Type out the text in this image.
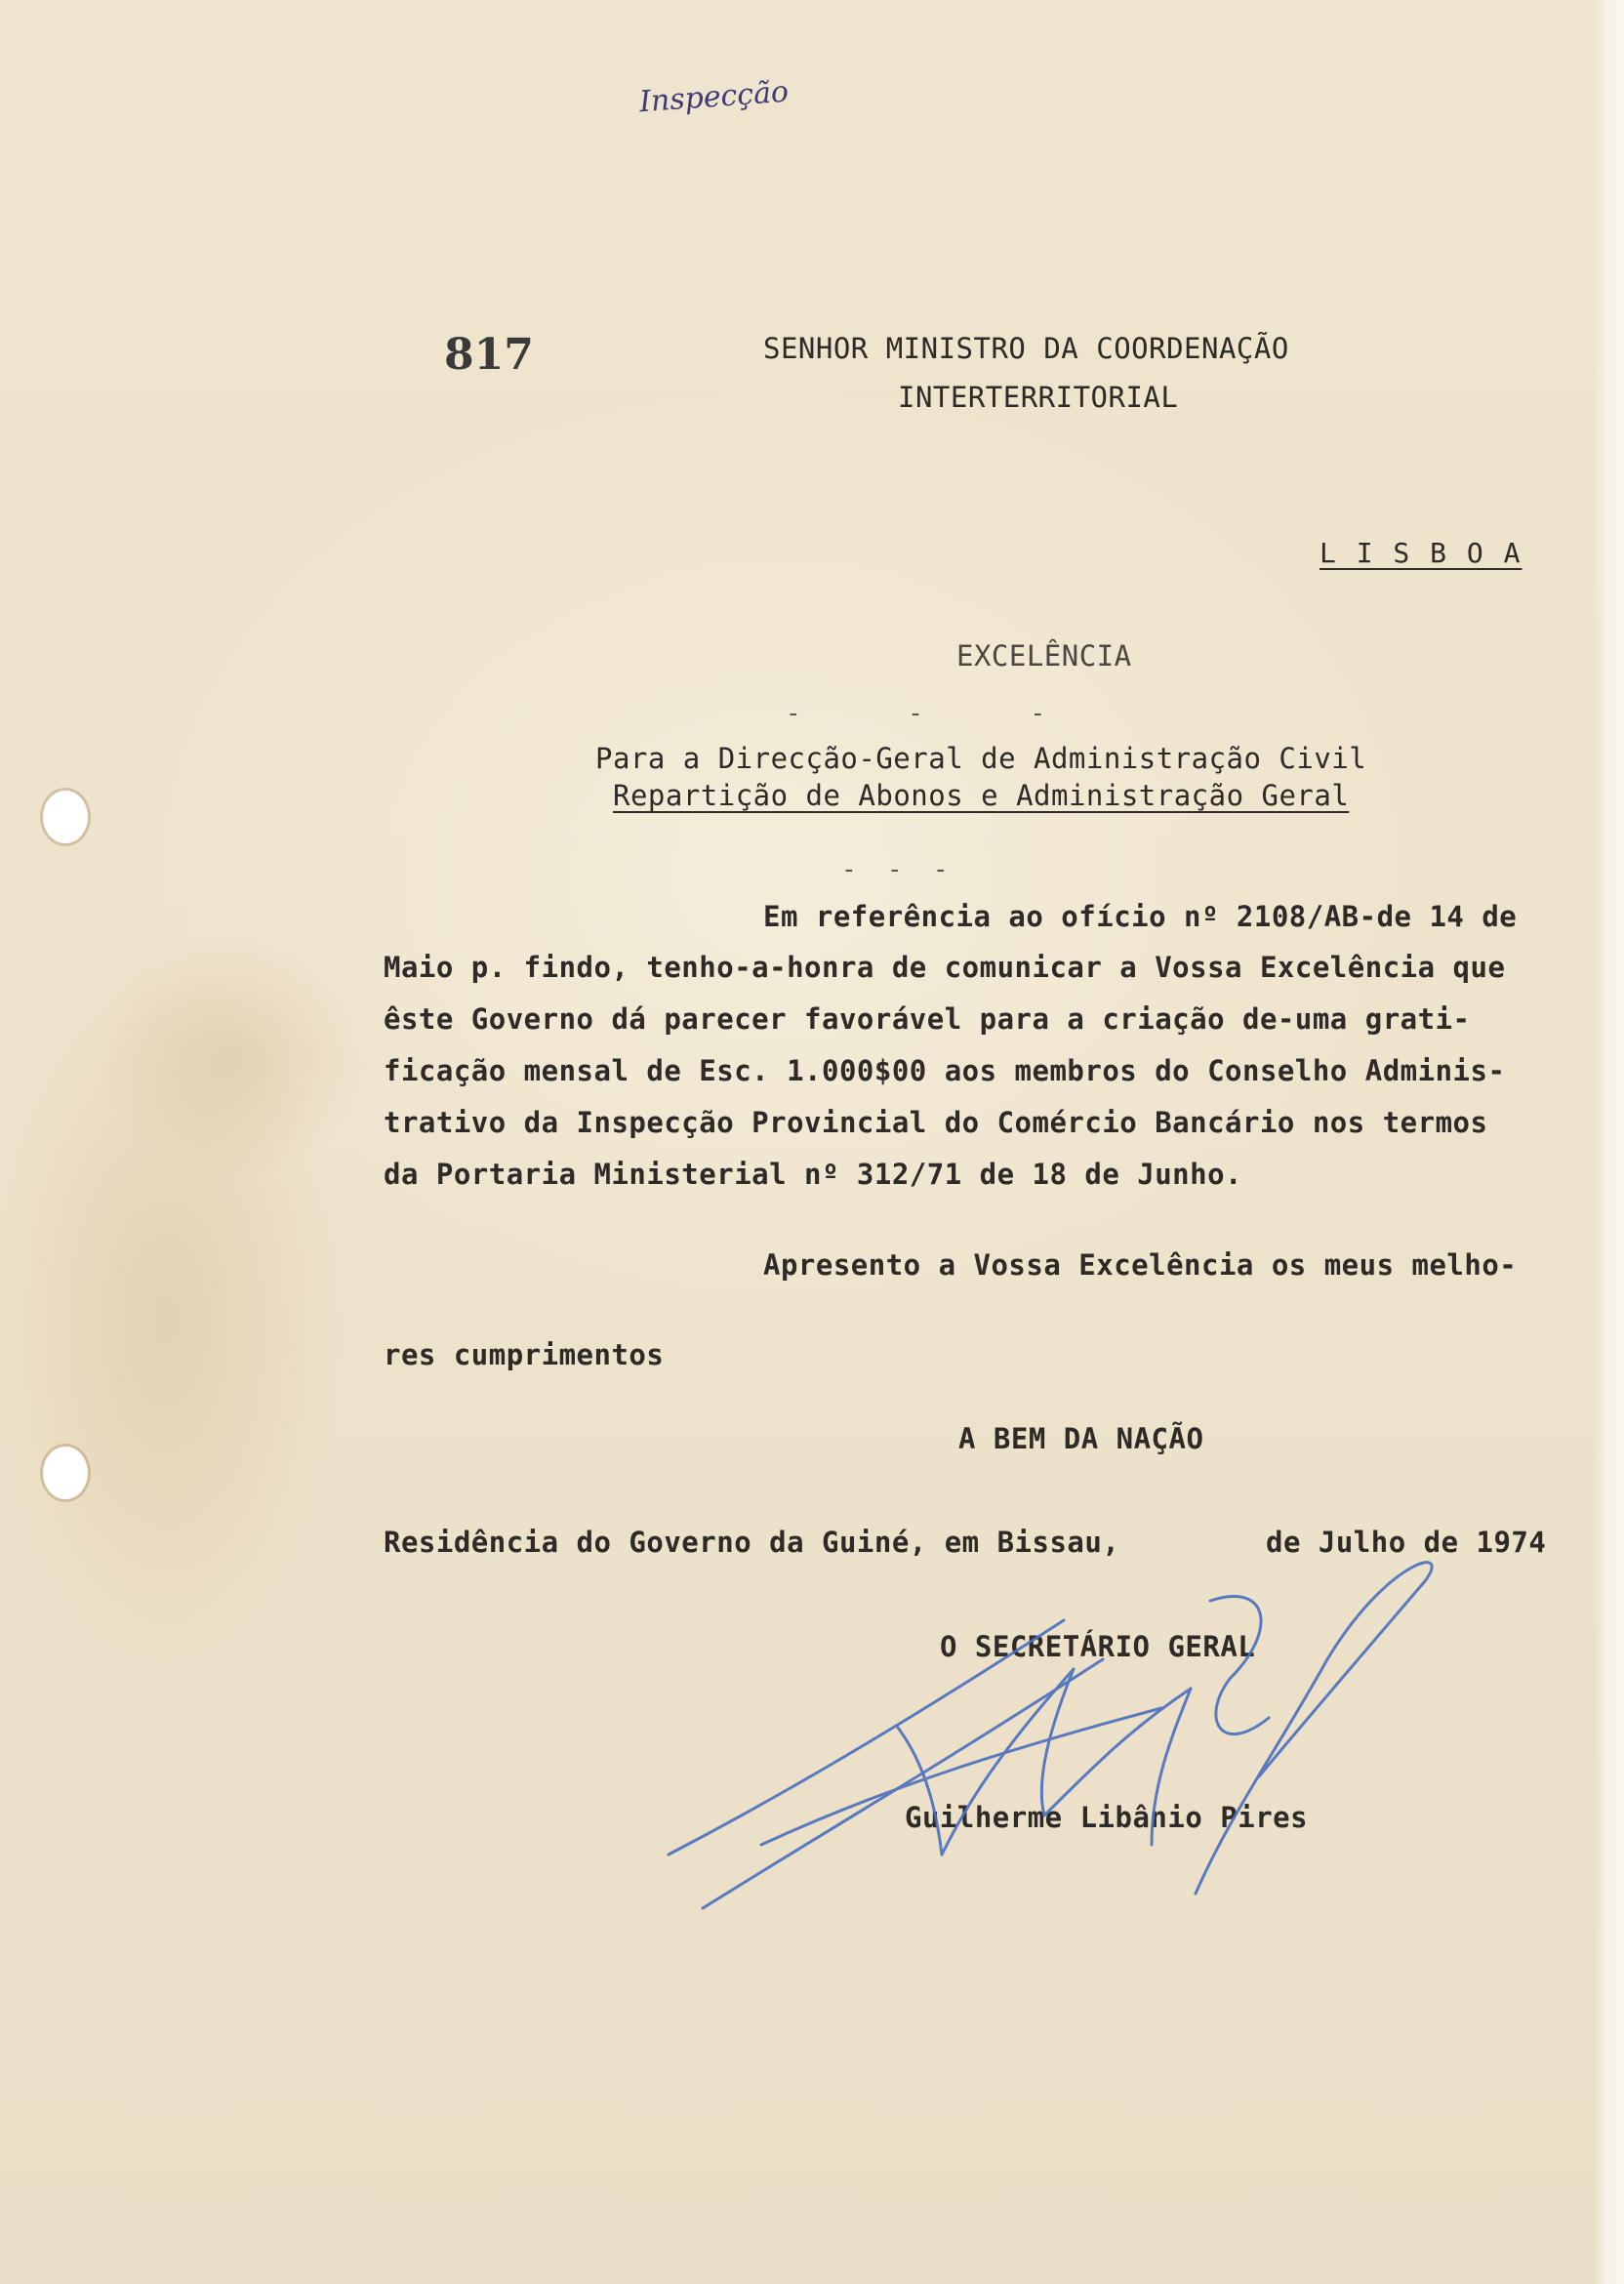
Inspecção
817	SENHOR MINISTRO DA COORDENAÇÃO
INTERTERRITORIAL
L I S B O A
EXCELÊNCIA
-       -       -
Para a Direcção-Geral de Administração Civil
Repartição de Abonos e Administração Geral
-  -  -
Em referência ao ofício nº 2108/AB-de 14 de
Maio p. findo, tenho-a-honra de comunicar a Vossa Excelência que
êste Governo dá parecer favorável para a criação de-uma grati-
ficação mensal de Esc. 1.000$00 aos membros do Conselho Adminis-
trativo da Inspecção Provincial do Comércio Bancário nos termos
da Portaria Ministerial nº 312/71 de 18 de Junho.
Apresento a Vossa Excelência os meus melho-
res cumprimentos
A BEM DA NAÇÃO
Residência do Governo da Guiné, em Bissau,	de Julho de 1974
O SECRETÁRIO GERAL
Guilherme Libânio Pires
